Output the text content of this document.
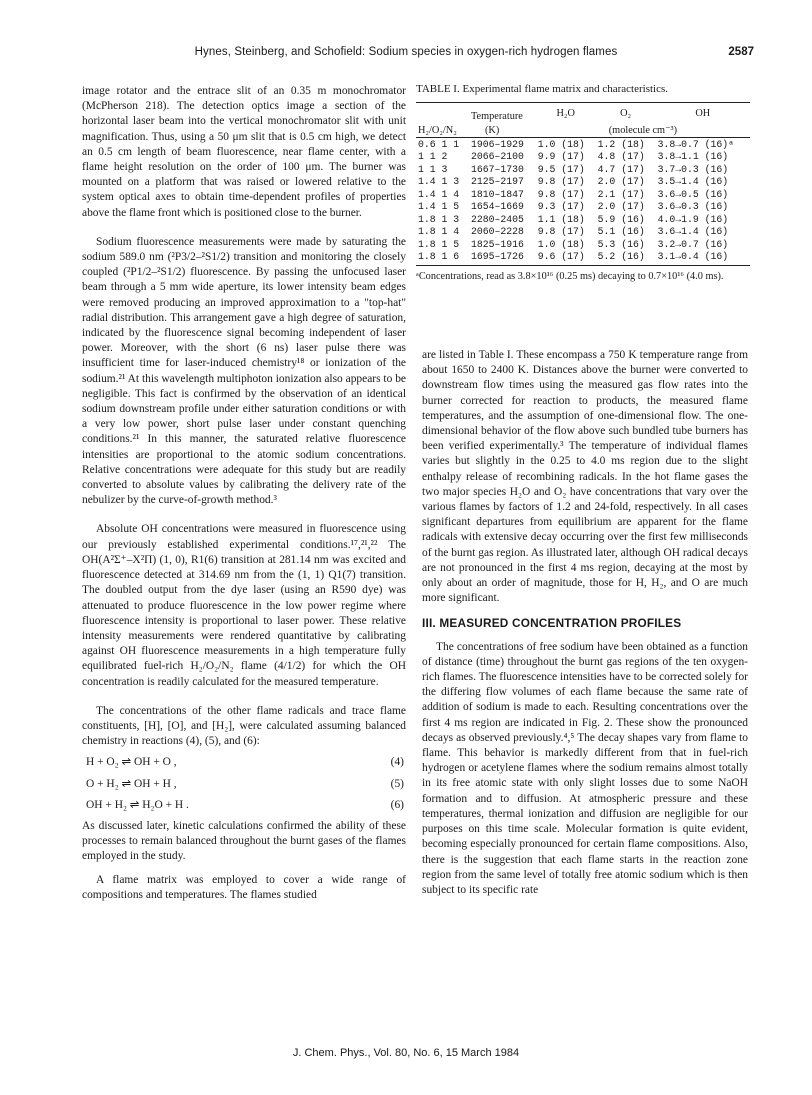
Hynes, Steinberg, and Schofield: Sodium species in oxygen-rich hydrogen flames	2587

image rotator and the entrace slit of an 0.35 m monochromator (McPherson 218). The detection optics image a section of the horizontal laser beam into the vertical monochromator slit with unit magnification. Thus, using a 50 μm slit that is 0.5 cm high, we detect an 0.5 cm length of beam fluorescence, near flame center, with a flame height resolution on the order of 100 μm. The burner was mounted on a platform that was raised or lowered relative to the system optical axes to obtain time-dependent profiles of properties above the flame front which is positioned close to the burner.

Sodium fluorescence measurements were made by saturating the sodium 589.0 nm (²P3/2–²S1/2) transition and monitoring the closely coupled (²P1/2–²S1/2) fluorescence. By passing the unfocused laser beam through a 5 mm wide aperture, its lower intensity beam edges were removed producing an improved approximation to a "top-hat" radial distribution. This arrangement gave a high degree of saturation, indicated by the fluorescence signal becoming independent of laser power. Moreover, with the short (6 ns) laser pulse there was insufficient time for laser-induced chemistry¹⁸ or ionization of the sodium.²¹ At this wavelength multiphoton ionization also appears to be negligible. This fact is confirmed by the observation of an identical sodium downstream profile under either saturation conditions or with a very low power, short pulse laser under constant quenching conditions.²¹ In this manner, the saturated relative fluorescence intensities are proportional to the atomic sodium concentrations. Relative concentrations were adequate for this study but are readily converted to absolute values by calibrating the delivery rate of the nebulizer by the curve-of-growth method.³

Absolute OH concentrations were measured in fluorescence using our previously established experimental conditions.¹⁷,²¹,²² The OH(A²Σ⁺–X²Π) (1, 0), R1(6) transition at 281.14 nm was excited and fluorescence detected at 314.69 nm from the (1, 1) Q1(7) transition. The doubled output from the dye laser (using an R590 dye) was attenuated to produce fluorescence in the low power regime where fluorescence intensity is proportional to laser power. These relative intensity measurements were rendered quantitative by calibrating against OH fluorescence measurements in a high temperature fully equilibrated fuel-rich H₂/O₂/N₂ flame (4/1/2) for which the OH concentration is readily calculated for the measured temperature.

The concentrations of the other flame radicals and trace flame constituents, [H], [O], and [H₂], were calculated assuming balanced chemistry in reactions (4), (5), and (6):

H + O₂ ⇌ OH + O ,	(4)
O + H₂ ⇌ OH + H ,	(5)
OH + H₂ ⇌ H₂O + H .	(6)

As discussed later, kinetic calculations confirmed the ability of these processes to remain balanced throughout the burnt gases of the flames employed in the study.

A flame matrix was employed to cover a wide range of compositions and temperatures. The flames studied

TABLE I. Experimental flame matrix and characteristics.
	Temperature	H₂O	O₂	OH
H₂/O₂/N₂	(K)	(molecule cm⁻³)		
0.6 1 1	1906–1929	1.0 (18)	1.2 (18)	3.8→0.7 (16)ᵃ
1 1 2	2066–2100	9.9 (17)	4.8 (17)	3.8→1.1 (16)
1 1 3	1667–1730	9.5 (17)	4.7 (17)	3.7→0.3 (16)
1.4 1 3	2125–2197	9.8 (17)	2.0 (17)	3.5→1.4 (16)
1.4 1 4	1810–1847	9.8 (17)	2.1 (17)	3.6→0.5 (16)
1.4 1 5	1654–1669	9.3 (17)	2.0 (17)	3.6→0.3 (16)
1.8 1 3	2280–2405	1.1 (18)	5.9 (16)	4.0→1.9 (16)
1.8 1 4	2060–2228	9.8 (17)	5.1 (16)	3.6→1.4 (16)
1.8 1 5	1825–1916	1.0 (18)	5.3 (16)	3.2→0.7 (16)
1.8 1 6	1695–1726	9.6 (17)	5.2 (16)	3.1→0.4 (16)
ᵃConcentrations, read as 3.8×10¹⁶ (0.25 ms) decaying to 0.7×10¹⁶ (4.0 ms).

are listed in Table I. These encompass a 750 K temperature range from about 1650 to 2400 K. Distances above the burner were converted to downstream flow times using the measured gas flow rates into the burner corrected for reaction to products, the measured flame temperatures, and the assumption of one-dimensional flow. The one-dimensional behavior of the flow above such bundled tube burners has been verified experimentally.³ The temperature of individual flames varies but slightly in the 0.25 to 4.0 ms region due to the slight enthalpy release of recombining radicals. In the hot flame gases the two major species H₂O and O₂ have concentrations that vary over the various flames by factors of 1.2 and 24-fold, respectively. In all cases significant departures from equilibrium are apparent for the flame radicals with extensive decay occurring over the first few milliseconds of the burnt gas region. As illustrated later, although OH radical decays are not pronounced in the first 4 ms region, decaying at the most by only about an order of magnitude, those for H, H₂, and O are much more significant.

III. MEASURED CONCENTRATION PROFILES

The concentrations of free sodium have been obtained as a function of distance (time) throughout the burnt gas regions of the ten oxygen-rich flames. The fluorescence intensities have to be corrected solely for the differing flow volumes of each flame because the same rate of addition of sodium is made to each. Resulting concentrations over the first 4 ms region are indicated in Fig. 2. These show the pronounced decays as observed previously.⁴,⁵ The decay shapes vary from flame to flame. This behavior is markedly different from that in fuel-rich hydrogen or acetylene flames where the sodium remains almost totally in its free atomic state with only slight losses due to some NaOH formation and to diffusion. At atmospheric pressure and these temperatures, thermal ionization and diffusion are negligible for our purposes on this time scale. Molecular formation is quite evident, becoming especially pronounced for certain flame compositions. Also, there is the suggestion that each flame starts in the reaction zone region from the same level of totally free atomic sodium which is then subject to its specific rate

J. Chem. Phys., Vol. 80, No. 6, 15 March 1984
